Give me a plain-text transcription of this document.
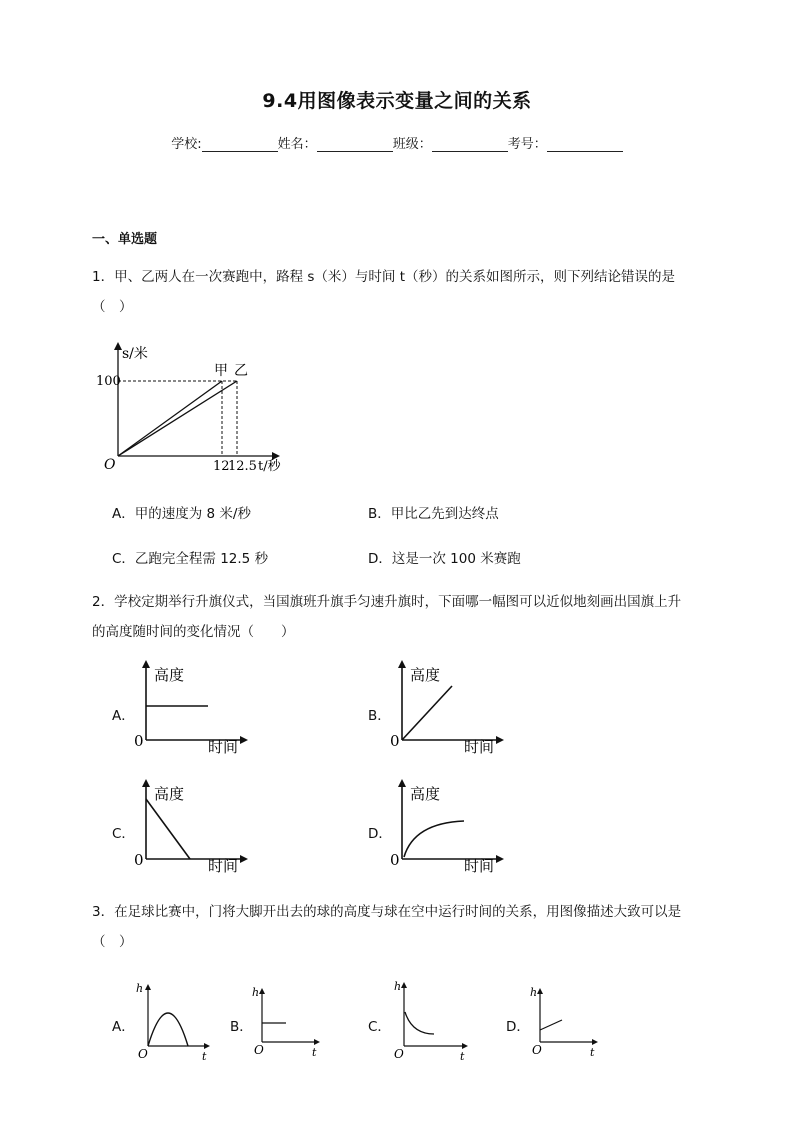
9.4用图像表示变量之间的关系
学校:	姓名：	班级：	考号：
一、单选题
1．甲、乙两人在一次赛跑中，路程 s（米）与时间 t（秒）的关系如图所示，则下列结论错误的是
（　）
s/米
100
O	12
12.5 t/秒
甲 乙
A．甲的速度为 8 米/秒	B．甲比乙先到达终点
C．乙跑完全程需 12.5 秒	D．这是一次 100 米赛跑
2．学校定期举行升旗仪式，当国旗班升旗手匀速升旗时，下面哪一幅图可以近似地刻画出国旗上升
的高度随时间的变化情况（　　）
A．
高度
时间
0
B．
高度
时间
0
C．
高度
时间
0
D．
高度
时间
0
3．在足球比赛中，门将大脚开出去的球的高度与球在空中运行时间的关系，用图像描述大致可以是
（　）
A．
h
t
O
B．
h
t
O
C．
h
t
O
D．
h
t
O
